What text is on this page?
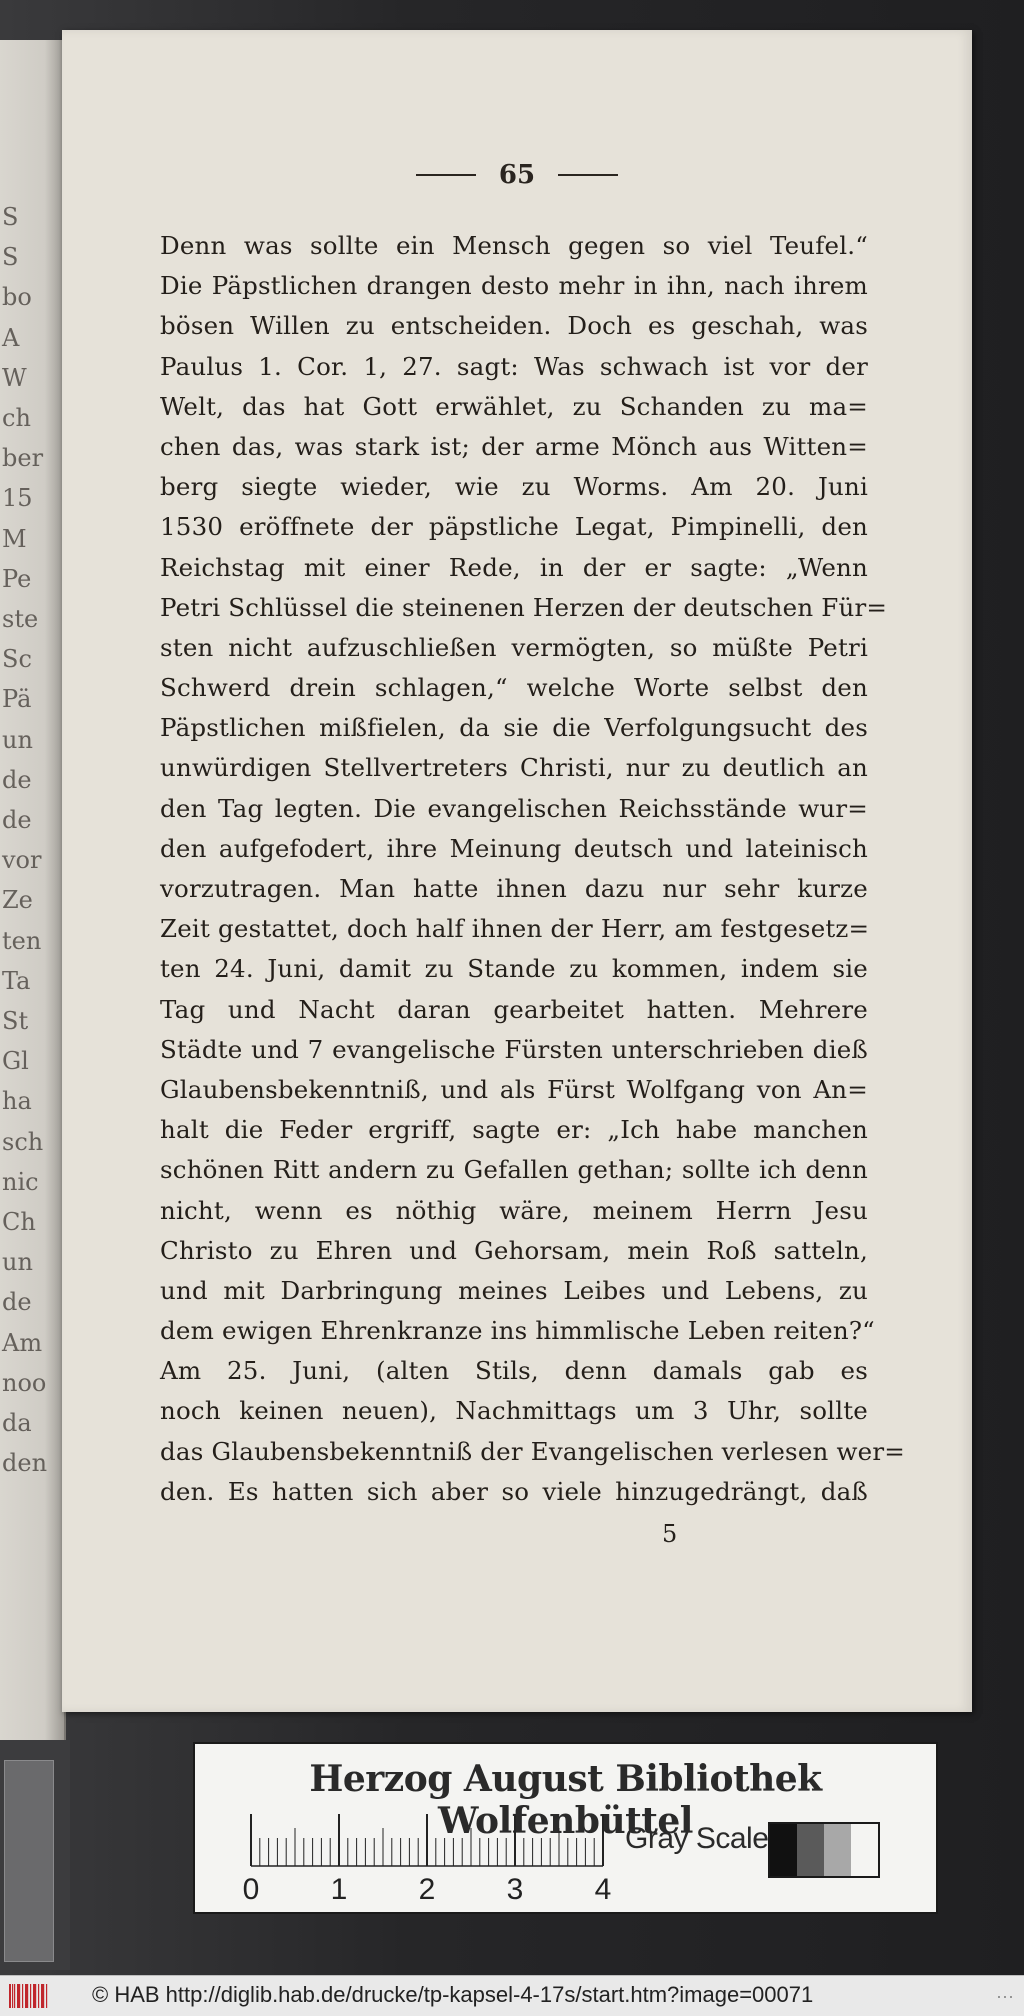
S
S
bo
A
W
ch
ber
15
M
Pe
ste
Sc
Pä
un
de
de
vor
Ze
ten
Ta
St
Gl
ha
sch
nic
Ch
un
de
Am
noo
da
den
65
Denn was sollte ein Mensch gegen so viel Teufel.“
Die Päpstlichen drangen desto mehr in ihn, nach ihrem
bösen Willen zu entscheiden. Doch es geschah, was
Paulus 1. Cor. 1, 27. sagt: Was schwach ist vor der
Welt, das hat Gott erwählet, zu Schanden zu ma=
chen das, was stark ist; der arme Mönch aus Witten=
berg siegte wieder, wie zu Worms. Am 20. Juni
1530 eröffnete der päpstliche Legat, Pimpinelli, den
Reichstag mit einer Rede, in der er sagte: „Wenn
Petri Schlüssel die steinenen Herzen der deutschen Für=
sten nicht aufzuschließen vermögten, so müßte Petri
Schwerd drein schlagen,“ welche Worte selbst den
Päpstlichen mißfielen, da sie die Verfolgungsucht des
unwürdigen Stellvertreters Christi, nur zu deutlich an
den Tag legten. Die evangelischen Reichsstände wur=
den aufgefodert, ihre Meinung deutsch und lateinisch
vorzutragen. Man hatte ihnen dazu nur sehr kurze
Zeit gestattet, doch half ihnen der Herr, am festgesetz=
ten 24. Juni, damit zu Stande zu kommen, indem sie
Tag und Nacht daran gearbeitet hatten. Mehrere
Städte und 7 evangelische Fürsten unterschrieben dieß
Glaubensbekenntniß, und als Fürst Wolfgang von An=
halt die Feder ergriff, sagte er: „Ich habe manchen
schönen Ritt andern zu Gefallen gethan; sollte ich denn
nicht, wenn es nöthig wäre, meinem Herrn Jesu
Christo zu Ehren und Gehorsam, mein Roß satteln,
und mit Darbringung meines Leibes und Lebens, zu
dem ewigen Ehrenkranze ins himmlische Leben reiten?“
Am 25. Juni, (alten Stils, denn damals gab es
noch keinen neuen), Nachmittags um 3 Uhr, sollte
das Glaubensbekenntniß der Evangelischen verlesen wer=
den. Es hatten sich aber so viele hinzugedrängt, daß
5
Herzog August Bibliothek Wolfenbüttel
0 1 2 3 4
Gray Scale
© HAB http://diglib.hab.de/drucke/tp-kapsel-4-17s/start.htm?image=00071	···
